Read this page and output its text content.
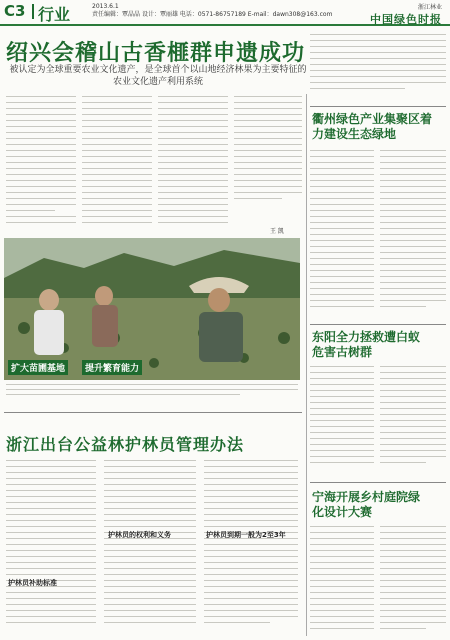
C3 行业	2013.6.1
责任编辑：覃晶晶 设计：覃丽雄 电话：0571-86757189 E-mail：dawn308@163.com
浙江林业
中国绿色时报
绍兴会稽山古香榧群申遗成功
被认定为全球重要农业文化遗产，是全球首个以山地经济林果为主要特征的农业文化遗产利用系统
王 凯
扩大苗圃基地	提升繁育能力
浙江出台公益林护林员管理办法
护林员的权利和义务	护林员到期一般为2至3年
护林员补助标准
衢州绿色产业集聚区着力建设生态绿地
东阳全力拯救遭白蚁危害古树群
宁海开展乡村庭院绿化设计大赛
